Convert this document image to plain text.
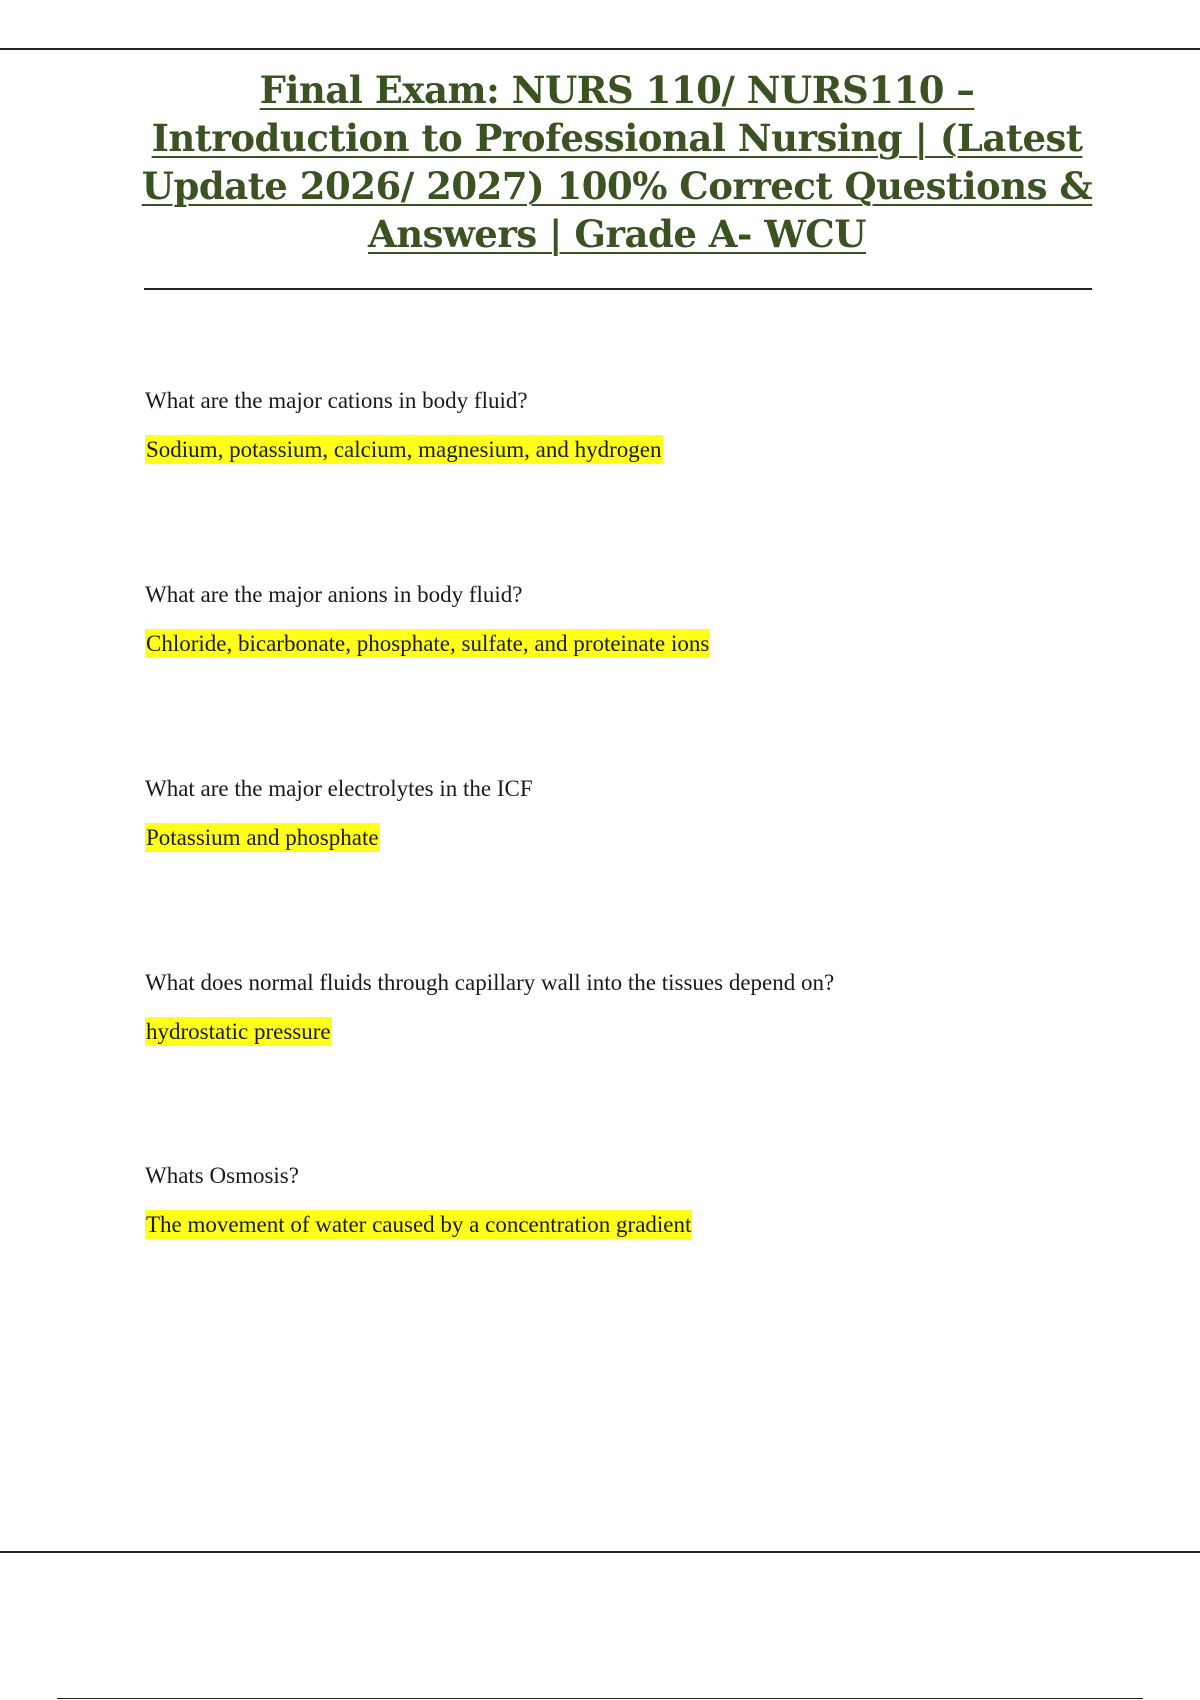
Final Exam: NURS 110/ NURS110 – Introduction to Professional Nursing | (Latest Update 2026/ 2027) 100% Correct Questions & Answers | Grade A- WCU

What are the major cations in body fluid?

Sodium, potassium, calcium, magnesium, and hydrogen

What are the major anions in body fluid?

Chloride, bicarbonate, phosphate, sulfate, and proteinate ions

What are the major electrolytes in the ICF

Potassium and phosphate

What does normal fluids through capillary wall into the tissues depend on?

hydrostatic pressure

Whats Osmosis?

The movement of water caused by a concentration gradient
